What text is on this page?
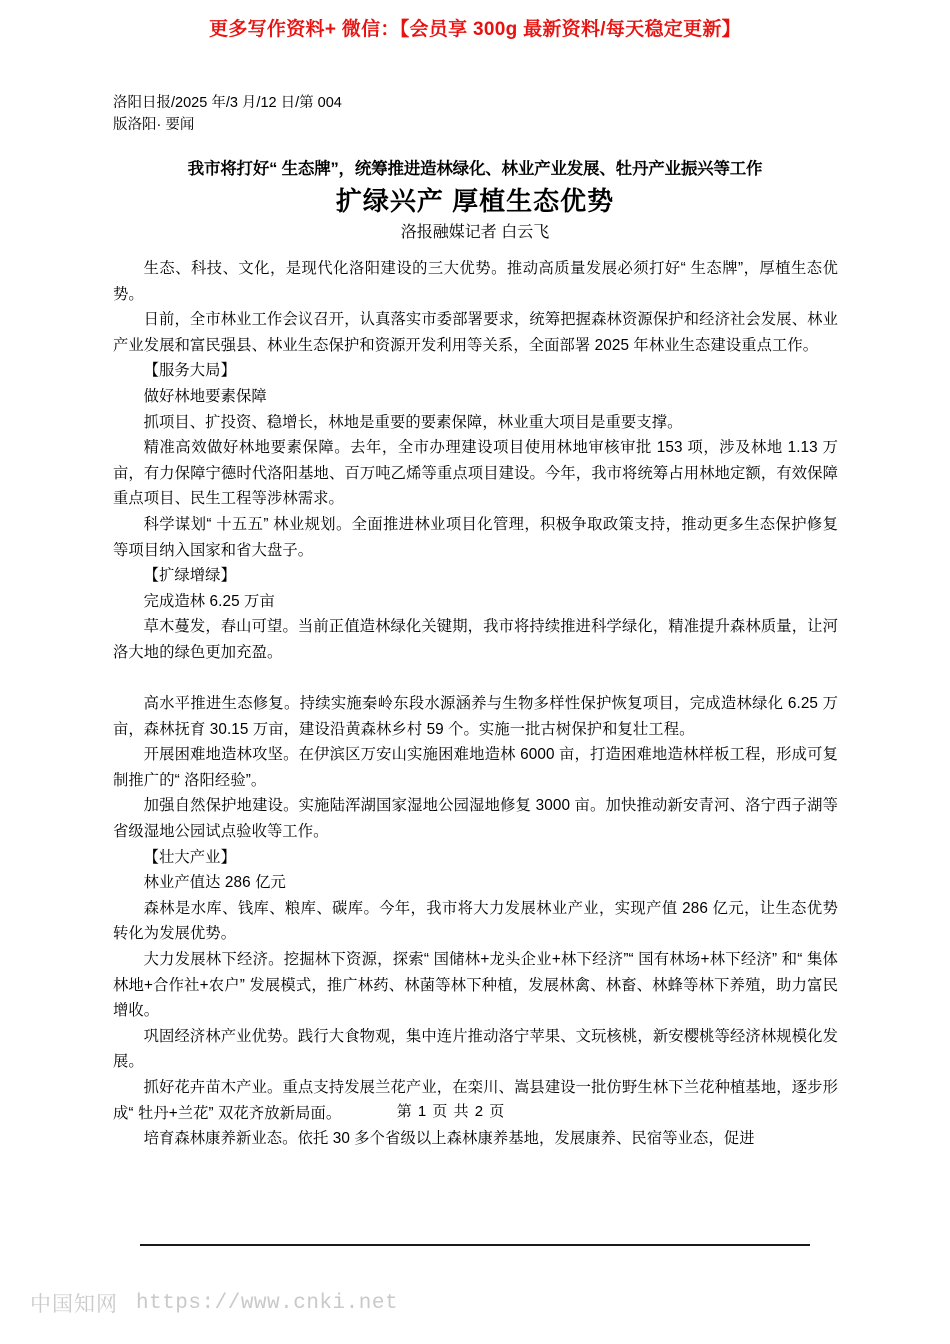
更多写作资料+ 微信：【会员享 300g 最新资料/每天稳定更新】
洛阳日报/2025 年/3 月/12 日/第 004
版洛阳· 要闻
我市将打好“ 生态牌”，统筹推进造林绿化、林业产业发展、牡丹产业振兴等工作
扩绿兴产 厚植生态优势
洛报融媒记者 白云飞

生态、科技、文化，是现代化洛阳建设的三大优势。推动高质量发展必须打好“ 生态牌”，厚植生态优势。

日前，全市林业工作会议召开，认真落实市委部署要求，统筹把握森林资源保护和经济社会发展、林业产业发展和富民强县、林业生态保护和资源开发利用等关系，全面部署 2025 年林业生态建设重点工作。

【服务大局】

做好林地要素保障

抓项目、扩投资、稳增长，林地是重要的要素保障，林业重大项目是重要支撑。

精准高效做好林地要素保障。去年，全市办理建设项目使用林地审核审批 153 项，涉及林地 1.13 万亩，有力保障宁德时代洛阳基地、百万吨乙烯等重点项目建设。今年，我市将统筹占用林地定额，有效保障重点项目、民生工程等涉林需求。

科学谋划“ 十五五” 林业规划。全面推进林业项目化管理，积极争取政策支持，推动更多生态保护修复等项目纳入国家和省大盘子。

【扩绿增绿】

完成造林 6.25 万亩

草木蔓发，春山可望。当前正值造林绿化关键期，我市将持续推进科学绿化，精准提升森林质量，让河洛大地的绿色更加充盈。

高水平推进生态修复。持续实施秦岭东段水源涵养与生物多样性保护恢复项目，完成造林绿化 6.25 万亩，森林抚育 30.15 万亩，建设沿黄森林乡村 59 个。实施一批古树保护和复壮工程。

开展困难地造林攻坚。在伊滨区万安山实施困难地造林 6000 亩，打造困难地造林样板工程，形成可复制推广的“ 洛阳经验”。

加强自然保护地建设。实施陆浑湖国家湿地公园湿地修复 3000 亩。加快推动新安青河、洛宁西子湖等省级湿地公园试点验收等工作。

【壮大产业】

林业产值达 286 亿元

森林是水库、钱库、粮库、碳库。今年，我市将大力发展林业产业，实现产值 286 亿元，让生态优势转化为发展优势。

大力发展林下经济。挖掘林下资源，探索“ 国储林+龙头企业+林下经济”“ 国有林场+林下经济” 和“ 集体林地+合作社+农户” 发展模式，推广林药、林菌等林下种植，发展林禽、林畜、林蜂等林下养殖，助力富民增收。

巩固经济林产业优势。践行大食物观，集中连片推动洛宁苹果、文玩核桃，新安樱桃等经济林规模化发展。

抓好花卉苗木产业。重点支持发展兰花产业，在栾川、嵩县建设一批仿野生林下兰花种植基地，逐步形成“ 牡丹+兰花” 双花齐放新局面。

培育森林康养新业态。依托 30 多个省级以上森林康养基地，发展康养、民宿等业态，促进

第 1 页 共 2 页
中国知网 https://www.cnki.net
